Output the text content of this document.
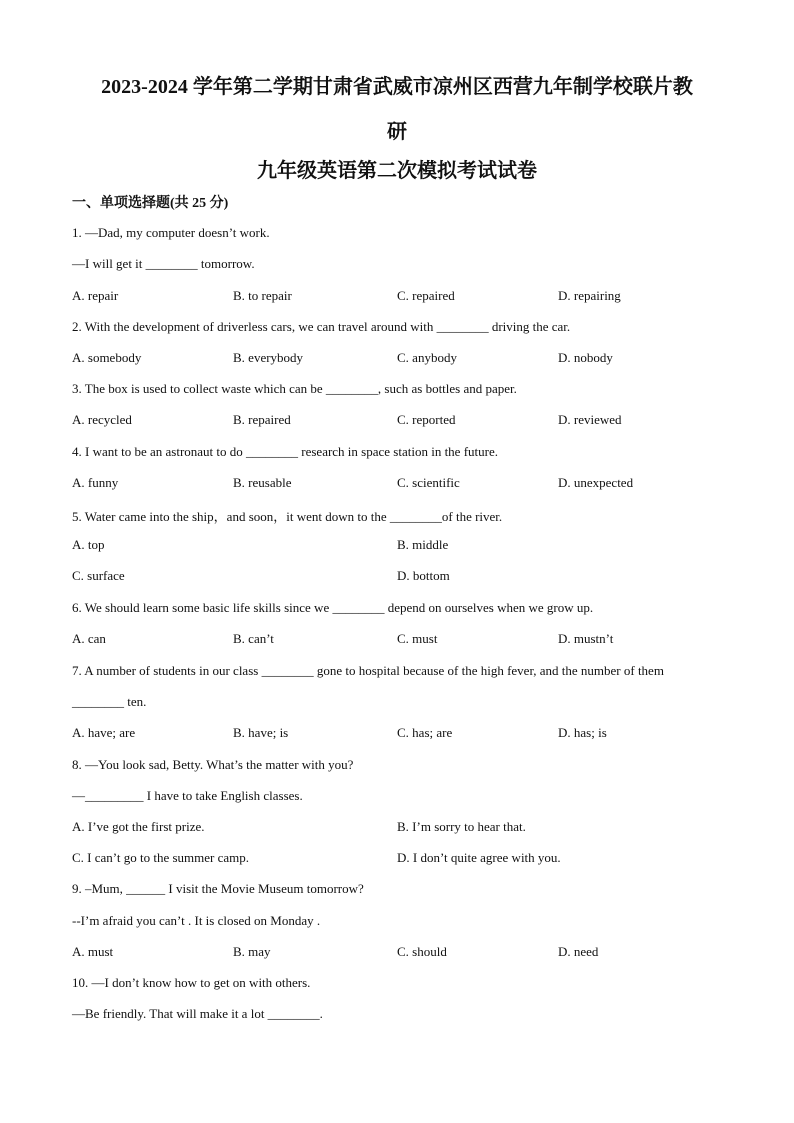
2023-2024 学年第二学期甘肃省武威市凉州区西营九年制学校联片教
研
九年级英语第二次模拟考试试卷
一、单项选择题(共 25 分)
1. —Dad, my computer doesn’t work.
—I will get it ________ tomorrow.
A. repair	B. to repair	C. repaired	D. repairing
2. With the development of driverless cars, we can travel around with ________ driving the car.
A. somebody	B. everybody	C. anybody	D. nobody
3. The box is used to collect waste which can be ________, such as bottles and paper.
A. recycled	B. repaired	C. reported	D. reviewed
4. I want to be an astronaut to do ________ research in space station in the future.
A. funny	B. reusable	C. scientific	D. unexpected
5. Water came into the ship，and soon，it went down to the ________of the river.
A. top	B. middle
C. surface	D. bottom
6. We should learn some basic life skills since we ________ depend on ourselves when we grow up.
A. can	B. can’t	C. must	D. mustn’t
7. A number of students in our class ________ gone to hospital because of the high fever, and the number of them
________ ten.
A. have; are	B. have; is	C. has; are	D. has; is
8. —You look sad, Betty. What’s the matter with you?
—_________ I have to take English classes.
A. I’ve got the first prize.	B. I’m sorry to hear that.
C. I can’t go to the summer camp.	D. I don’t quite agree with you.
9. –Mum, ______ I visit the Movie Museum tomorrow?
--I’m afraid you can’t . It is closed on Monday .
A. must	B. may	C. should	D. need
10. —I don’t know how to get on with others.
—Be friendly. That will make it a lot ________.
